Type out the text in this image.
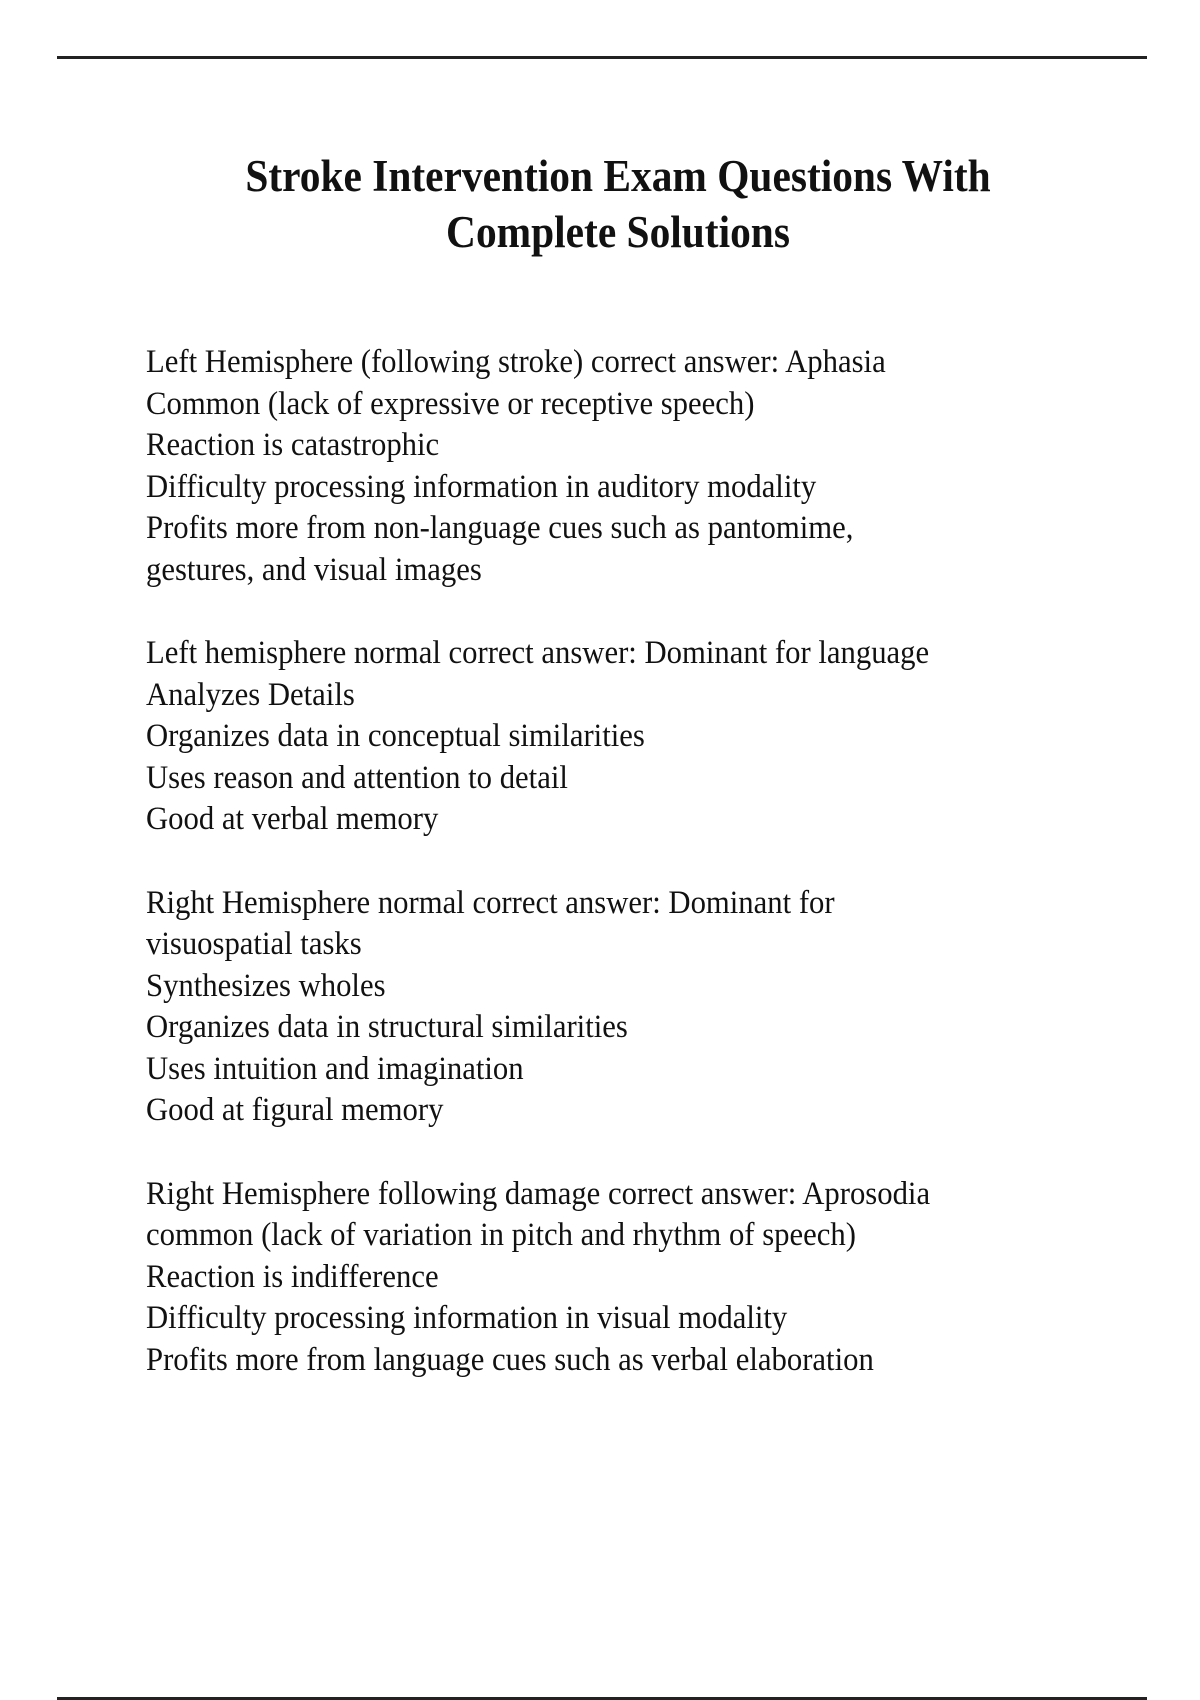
Stroke Intervention Exam Questions With
Complete Solutions
Left Hemisphere (following stroke) correct answer: Aphasia
Common (lack of expressive or receptive speech)
Reaction is catastrophic
Difficulty processing information in auditory modality
Profits more from non-language cues such as pantomime,
gestures, and visual images
Left hemisphere normal correct answer: Dominant for language
Analyzes Details
Organizes data in conceptual similarities
Uses reason and attention to detail
Good at verbal memory
Right Hemisphere normal correct answer: Dominant for
visuospatial tasks
Synthesizes wholes
Organizes data in structural similarities
Uses intuition and imagination
Good at figural memory
Right Hemisphere following damage correct answer: Aprosodia
common (lack of variation in pitch and rhythm of speech)
Reaction is indifference
Difficulty processing information in visual modality
Profits more from language cues such as verbal elaboration
